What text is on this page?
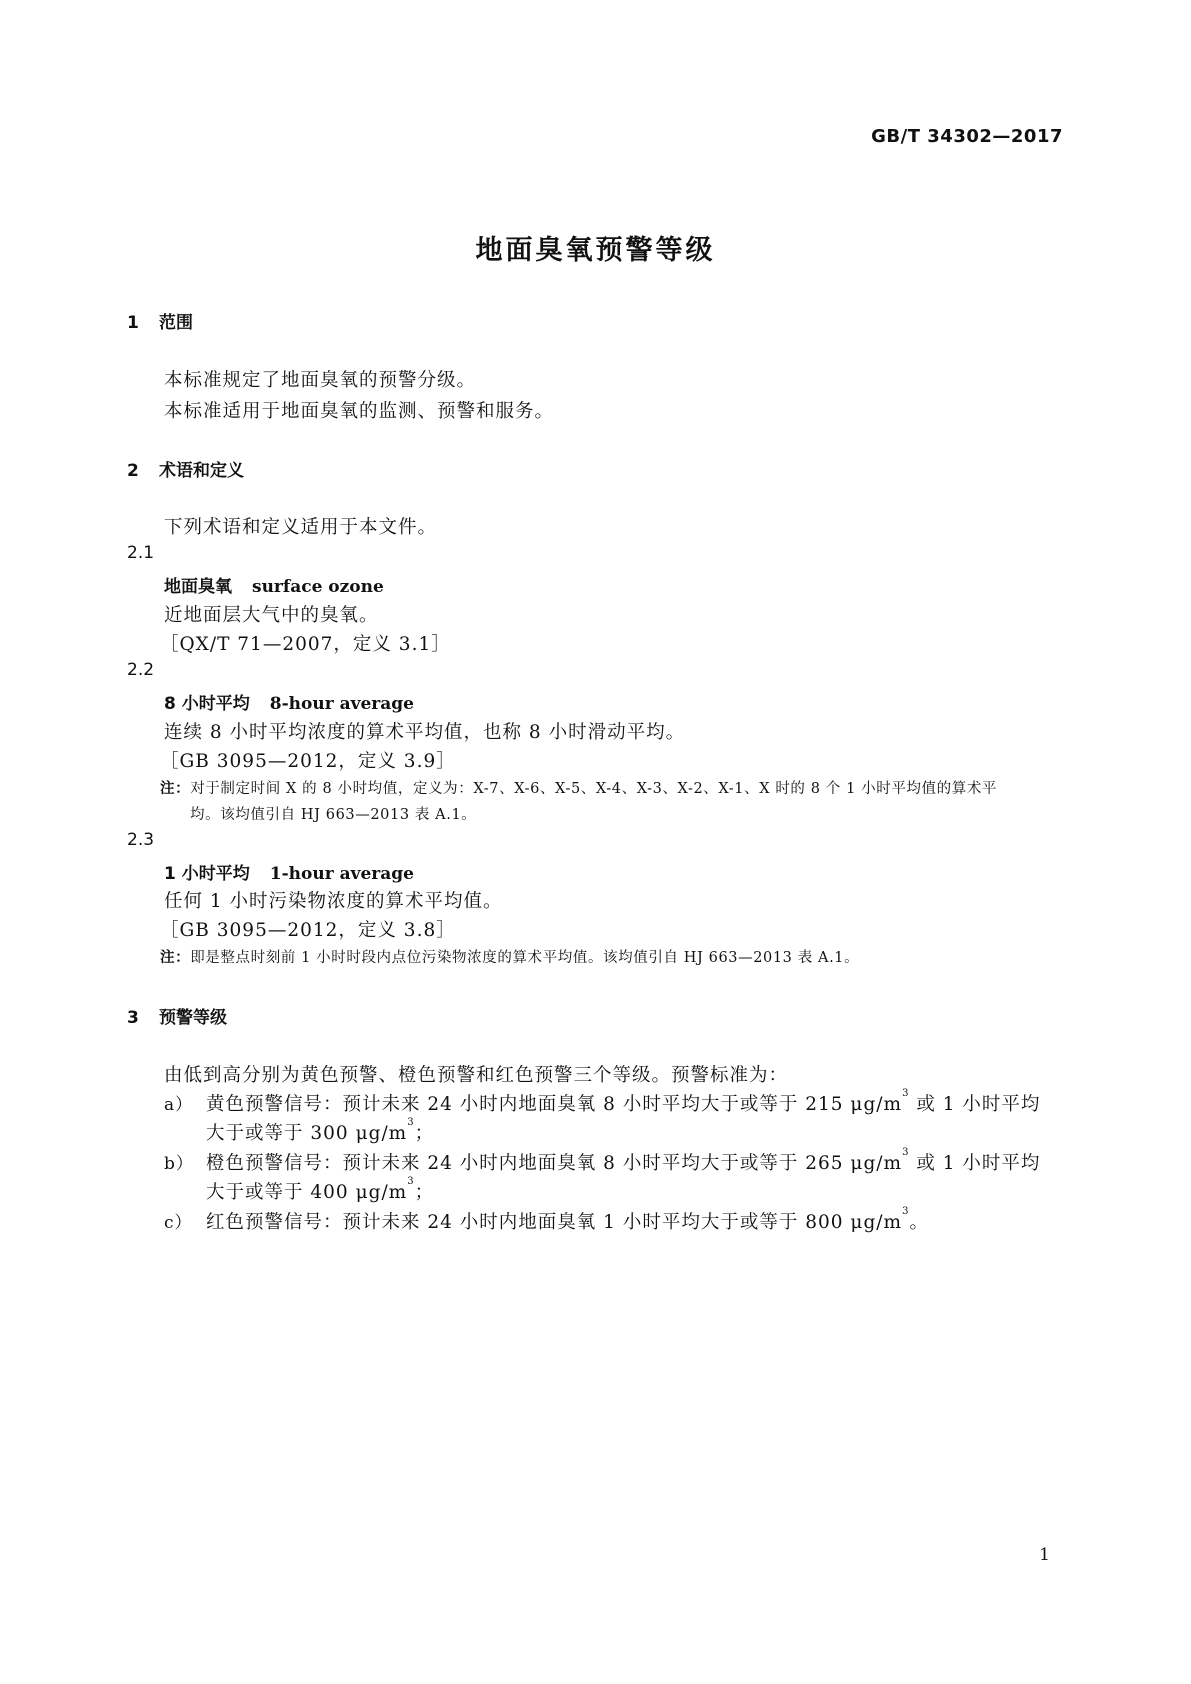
GB/T 34302—2017
地面臭氧预警等级
1 范围
本标准规定了地面臭氧的预警分级。
本标准适用于地面臭氧的监测、预警和服务。
2 术语和定义
下列术语和定义适用于本文件。
2.1
地面臭氧 surface ozone
近地面层大气中的臭氧。
［QX/T 71—2007，定义 3.1］
2.2
8 小时平均 8-hour average
连续 8 小时平均浓度的算术平均值，也称 8 小时滑动平均。
［GB 3095—2012，定义 3.9］
注：对于制定时间 X 的 8 小时均值，定义为：X-7、X-6、X-5、X-4、X-3、X-2、X-1、X 时的 8 个 1 小时平均值的算术平
均。该均值引自 HJ 663—2013 表 A.1。
2.3
1 小时平均 1-hour average
任何 1 小时污染物浓度的算术平均值。
［GB 3095—2012，定义 3.8］
注：即是整点时刻前 1 小时时段内点位污染物浓度的算术平均值。该均值引自 HJ 663—2013 表 A.1。
3 预警等级
由低到高分别为黄色预警、橙色预警和红色预警三个等级。预警标准为：
a） 黄色预警信号：预计未来 24 小时内地面臭氧 8 小时平均大于或等于 215 $\mu g/m^3$ 或 1 小时平均
大于或等于 300 $\mu g/m^3$；
b） 橙色预警信号：预计未来 24 小时内地面臭氧 8 小时平均大于或等于 265 $\mu g/m^3$ 或 1 小时平均
大于或等于 400 $\mu g/m^3$；
c） 红色预警信号：预计未来 24 小时内地面臭氧 1 小时平均大于或等于 800 $\mu g/m^3$。
1
